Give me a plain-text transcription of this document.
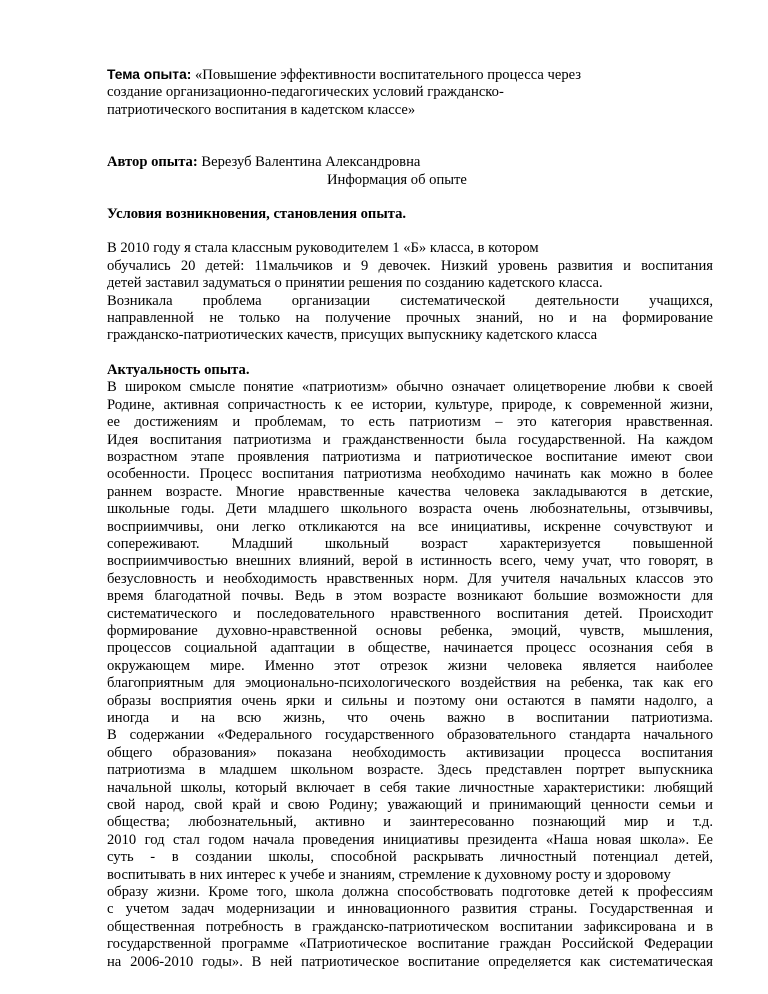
Тема опыта: «Повышение эффективности воспитательного процесса через
создание организационно-педагогических условий гражданско-
патриотического воспитания в кадетском классе»
Автор опыта: Верезуб Валентина Александровна
Информация об опыте
Условия возникновения, становления опыта.
В 2010 году я стала классным руководителем 1 «Б» класса, в котором
обучались 20 детей: 11мальчиков и 9 девочек. Низкий уровень развития и воспитания
детей заставил задуматься о принятии решения по созданию кадетского класса.
Возникала проблема организации систематической деятельности учащихся,
направленной не только на получение прочных знаний, но и на формирование
гражданско-патриотических качеств, присущих выпускнику кадетского класса
Актуальность опыта.
В широком смысле понятие «патриотизм» обычно означает олицетворение любви к своей
Родине, активная сопричастность к ее истории, культуре, природе, к современной жизни,
ее достижениям и проблемам, то есть патриотизм – это категория нравственная.
Идея воспитания патриотизма и гражданственности была государственной. На каждом
возрастном этапе проявления патриотизма и патриотическое воспитание имеют свои
особенности. Процесс воспитания патриотизма необходимо начинать как можно в более
раннем возрасте. Многие нравственные качества человека закладываются в детские,
школьные годы. Дети младшего школьного возраста очень любознательны, отзывчивы,
восприимчивы, они легко откликаются на все инициативы, искренне сочувствуют и
сопереживают. Младший школьный возраст характеризуется повышенной
восприимчивостью внешних влияний, верой в истинность всего, чему учат, что говорят, в
безусловность и необходимость нравственных норм. Для учителя начальных классов это
время благодатной почвы. Ведь в этом возрасте возникают большие возможности для
систематического и последовательного нравственного воспитания детей. Происходит
формирование духовно-нравственной основы ребенка, эмоций, чувств, мышления,
процессов социальной адаптации в обществе, начинается процесс осознания себя в
окружающем мире. Именно этот отрезок жизни человека является наиболее
благоприятным для эмоционально-психологического воздействия на ребенка, так как его
образы восприятия очень ярки и сильны и поэтому они остаются в памяти надолго, а
иногда и на всю жизнь, что очень важно в воспитании патриотизма.
В содержании «Федерального государственного образовательного стандарта начального
общего образования» показана необходимость активизации процесса воспитания
патриотизма в младшем школьном возрасте. Здесь представлен портрет выпускника
начальной школы, который включает в себя такие личностные характеристики: любящий
свой народ, свой край и свою Родину; уважающий и принимающий ценности семьи и
общества; любознательный, активно и заинтересованно познающий мир и т.д.
2010 год стал годом начала проведения инициативы президента «Наша новая школа». Ее
суть - в создании школы, способной раскрывать личностный потенциал детей,
воспитывать в них интерес к учебе и знаниям, стремление к духовному росту и здоровому
образу жизни. Кроме того, школа должна способствовать подготовке детей к профессиям
с учетом задач модернизации и инновационного развития страны. Государственная и
общественная потребность в гражданско-патриотическом воспитании зафиксирована и в
государственной программе «Патриотическое воспитание граждан Российской Федерации
на 2006-2010 годы». В ней патриотическое воспитание определяется как систематическая
